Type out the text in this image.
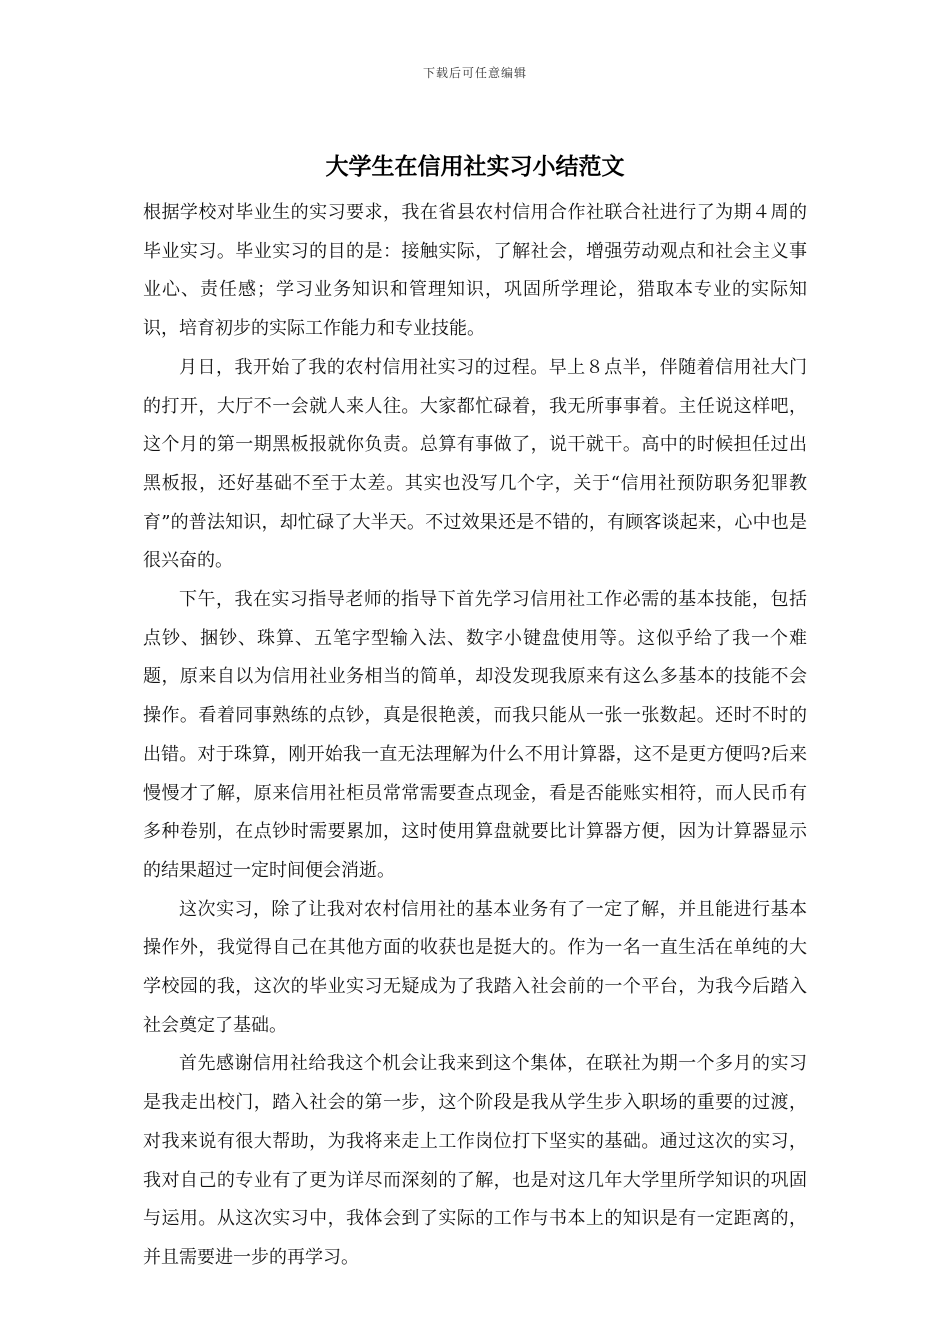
下载后可任意编辑
大学生在信用社实习小结范文

根据学校对毕业生的实习要求，我在省县农村信用合作社联合社进行了为期４周的毕业实习。毕业实习的目的是：接触实际，了解社会，增强劳动观点和社会主义事业心、责任感；学习业务知识和管理知识，巩固所学理论，猎取本专业的实际知识，培育初步的实际工作能力和专业技能。

月日，我开始了我的农村信用社实习的过程。早上８点半，伴随着信用社大门的打开，大厅不一会就人来人往。大家都忙碌着，我无所事事着。主任说这样吧，这个月的第一期黑板报就你负责。总算有事做了，说干就干。高中的时候担任过出黑板报，还好基础不至于太差。其实也没写几个字，关于“信用社预防职务犯罪教育”的普法知识，却忙碌了大半天。不过效果还是不错的，有顾客谈起来，心中也是很兴奋的。

下午，我在实习指导老师的指导下首先学习信用社工作必需的基本技能，包括点钞、捆钞、珠算、五笔字型输入法、数字小键盘使用等。这似乎给了我一个难题，原来自以为信用社业务相当的简单，却没发现我原来有这么多基本的技能不会操作。看着同事熟练的点钞，真是很艳羡，而我只能从一张一张数起。还时不时的出错。对于珠算，刚开始我一直无法理解为什么不用计算器，这不是更方便吗?后来慢慢才了解，原来信用社柜员常常需要查点现金，看是否能账实相符，而人民币有多种卷别，在点钞时需要累加，这时使用算盘就要比计算器方便，因为计算器显示的结果超过一定时间便会消逝。

这次实习，除了让我对农村信用社的基本业务有了一定了解，并且能进行基本操作外，我觉得自己在其他方面的收获也是挺大的。作为一名一直生活在单纯的大学校园的我，这次的毕业实习无疑成为了我踏入社会前的一个平台，为我今后踏入社会奠定了基础。

首先感谢信用社给我这个机会让我来到这个集体，在联社为期一个多月的实习是我走出校门，踏入社会的第一步，这个阶段是我从学生步入职场的重要的过渡，对我来说有很大帮助，为我将来走上工作岗位打下坚实的基础。通过这次的实习，我对自己的专业有了更为详尽而深刻的了解，也是对这几年大学里所学知识的巩固与运用。从这次实习中，我体会到了实际的工作与书本上的知识是有一定距离的，并且需要进一步的再学习。
